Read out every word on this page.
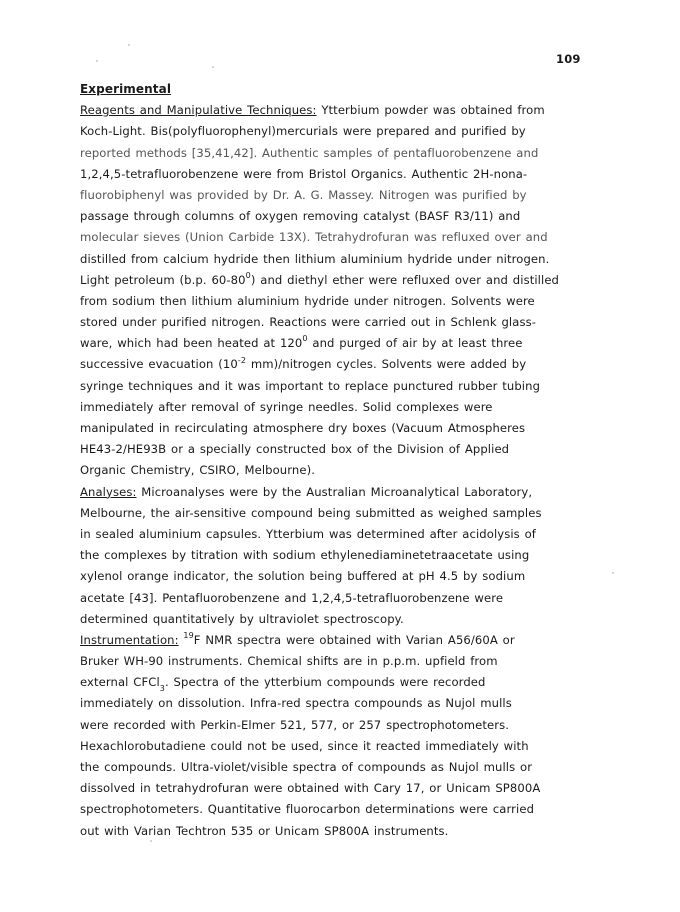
109
Experimental
Reagents and Manipulative Techniques: Ytterbium powder was obtained from
Koch-Light. Bis(polyfluorophenyl)mercurials were prepared and purified by
reported methods [35,41,42]. Authentic samples of pentafluorobenzene and
1,2,4,5-tetrafluorobenzene were from Bristol Organics. Authentic 2H-nona-
fluorobiphenyl was provided by Dr. A. G. Massey. Nitrogen was purified by
passage through columns of oxygen removing catalyst (BASF R3/11) and
molecular sieves (Union Carbide 13X). Tetrahydrofuran was refluxed over and
distilled from calcium hydride then lithium aluminium hydride under nitrogen.
Light petroleum (b.p. $60-80^0$) and diethyl ether were refluxed over and distilled
from sodium then lithium aluminium hydride under nitrogen. Solvents were
stored under purified nitrogen. Reactions were carried out in Schlenk glass-
ware, which had been heated at $120^0$ and purged of air by at least three
successive evacuation ($10^{-2}$ mm)/nitrogen cycles. Solvents were added by
syringe techniques and it was important to replace punctured rubber tubing
immediately after removal of syringe needles. Solid complexes were
manipulated in recirculating atmosphere dry boxes (Vacuum Atmospheres
HE43-2/HE93B or a specially constructed box of the Division of Applied
Organic Chemistry, CSIRO, Melbourne).
Analyses: Microanalyses were by the Australian Microanalytical Laboratory,
Melbourne, the air-sensitive compound being submitted as weighed samples
in sealed aluminium capsules. Ytterbium was determined after acidolysis of
the complexes by titration with sodium ethylenediaminetetraacetate using
xylenol orange indicator, the solution being buffered at pH 4.5 by sodium
acetate [43]. Pentafluorobenzene and 1,2,4,5-tetrafluorobenzene were
determined quantitatively by ultraviolet spectroscopy.
Instrumentation: $^{19}$F NMR spectra were obtained with Varian A56/60A or
Bruker WH-90 instruments. Chemical shifts are in p.p.m. upfield from
external CFCl$_3$. Spectra of the ytterbium compounds were recorded
immediately on dissolution. Infra-red spectra compounds as Nujol mulls
were recorded with Perkin-Elmer 521, 577, or 257 spectrophotometers.
Hexachlorobutadiene could not be used, since it reacted immediately with
the compounds. Ultra-violet/visible spectra of compounds as Nujol mulls or
dissolved in tetrahydrofuran were obtained with Cary 17, or Unicam SP800A
spectrophotometers. Quantitative fluorocarbon determinations were carried
out with Varian Techtron 535 or Unicam SP800A instruments.
